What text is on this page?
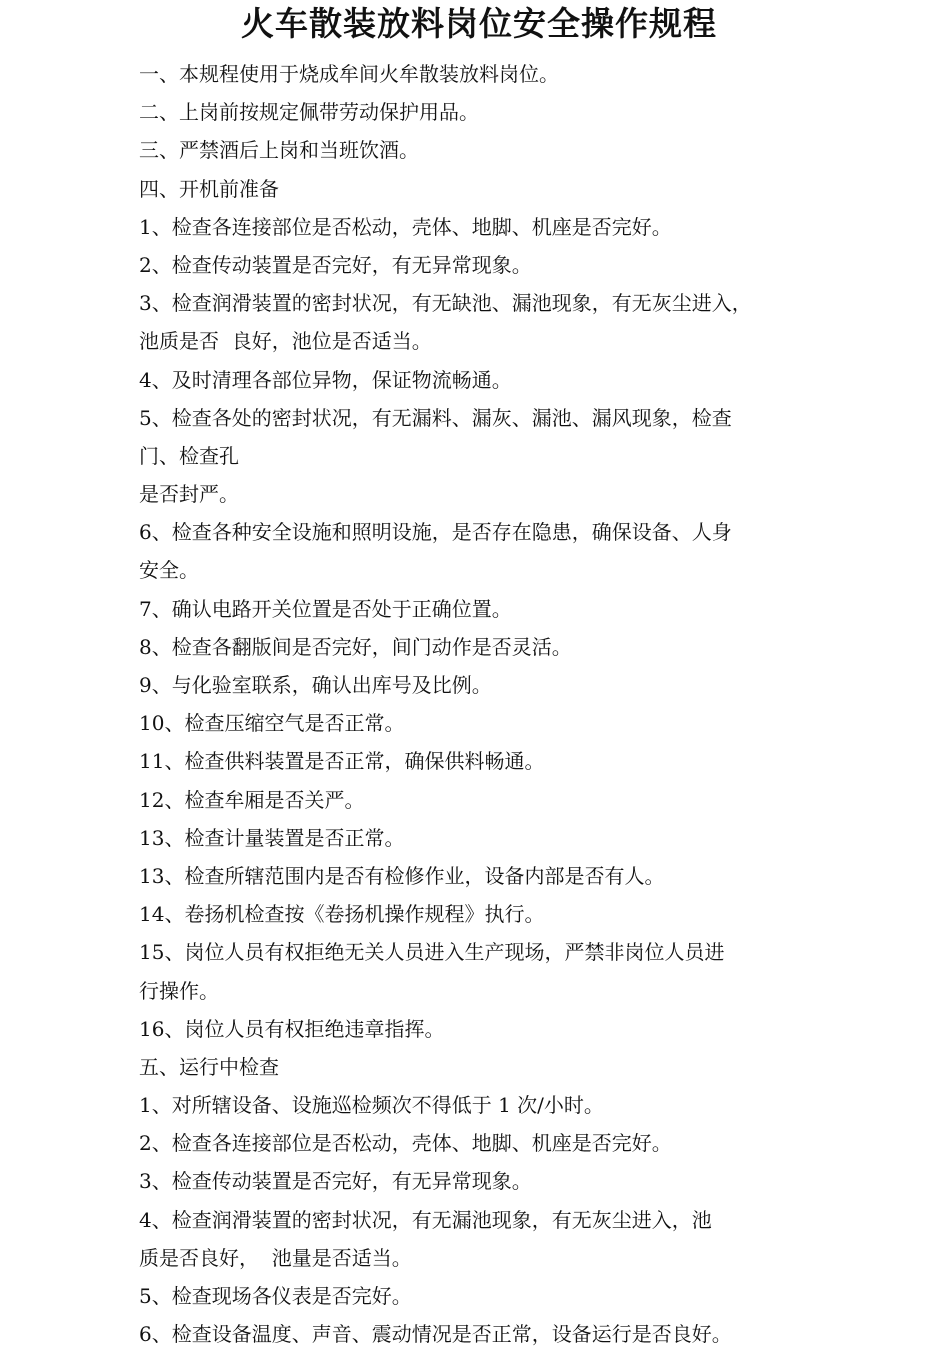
火车散装放料岗位安全操作规程

一、本规程使用于烧成牟间火牟散装放料岗位。

二、上岗前按规定佩带劳动保护用品。

三、严禁酒后上岗和当班饮酒。

四、开机前准备

1、检查各连接部位是否松动，壳体、地脚、机座是否完好。

2、检查传动装置是否完好，有无异常现象。

3、检查润滑装置的密封状况，有无缺池、漏池现象，有无灰尘进入，

池质是否  良好，池位是否适当。

4、及时清理各部位异物，保证物流畅通。

5、检查各处的密封状况，有无漏料、漏灰、漏池、漏风现象，检查

门、检查孔

是否封严。

6、检查各种安全设施和照明设施，是否存在隐患，确保设备、人身

安全。

7、确认电路开关位置是否处于正确位置。

8、检查各翻版间是否完好，间门动作是否灵活。

9、与化验室联系，确认出库号及比例。

10、检查压缩空气是否正常。

11、检查供料装置是否正常，确保供料畅通。

12、检查牟厢是否关严。

13、检查计量装置是否正常。

13、检查所辖范围内是否有检修作业，设备内部是否有人。

14、卷扬机检查按《卷扬机操作规程》执行。

15、岗位人员有权拒绝无关人员进入生产现场，严禁非岗位人员进

行操作。

16、岗位人员有权拒绝违章指挥。

五、运行中检查

1、对所辖设备、设施巡检频次不得低于 1 次/小时。

2、检查各连接部位是否松动，壳体、地脚、机座是否完好。

3、检查传动装置是否完好，有无异常现象。

4、检查润滑装置的密封状况，有无漏池现象，有无灰尘进入，池

质是否良好，  池量是否适当。

5、检查现场各仪表是否完好。

6、检查设备温度、声音、震动情况是否正常，设备运行是否良好。
